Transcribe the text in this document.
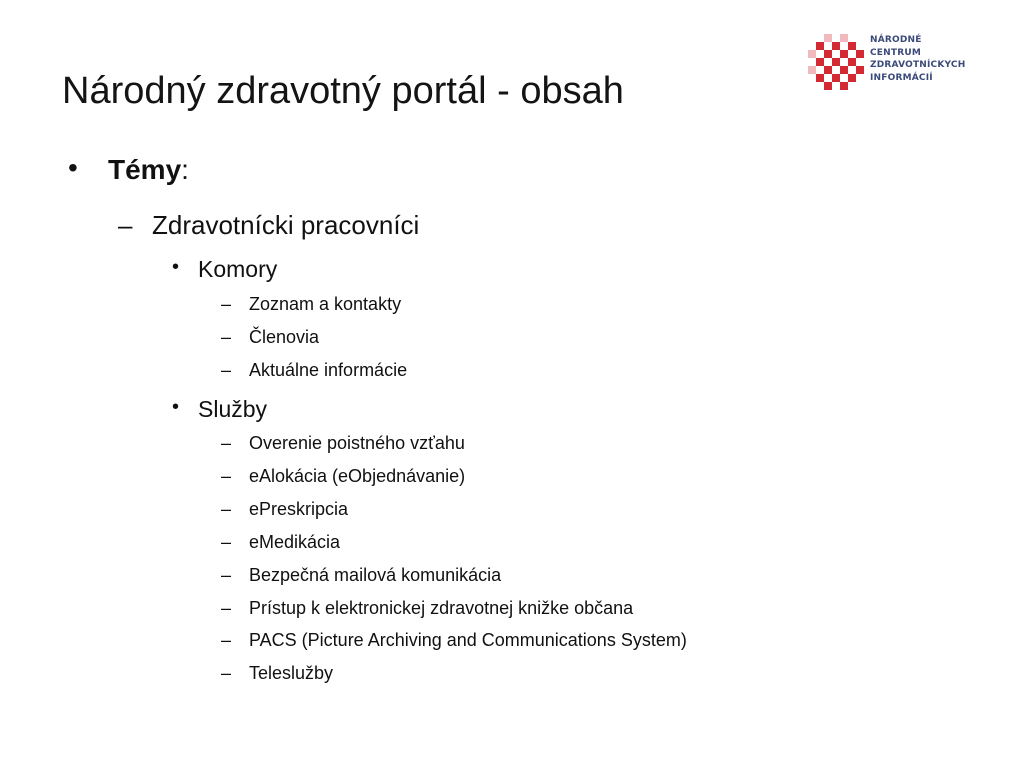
Národný zdravotný portál - obsah
NÁRODNÉ
CENTRUM
ZDRAVOTNÍCKYCH
INFORMÁCIÍ
• Témy:
– Zdravotnícki pracovníci
• Komory
– Zoznam a kontakty
– Členovia
– Aktuálne informácie
• Služby
– Overenie poistného vzťahu
– eAlokácia (eObjednávanie)
– ePreskripcia
– eMedikácia
– Bezpečná mailová komunikácia
– Prístup k elektronickej zdravotnej knižke občana
– PACS (Picture Archiving and Communications System)
– Teleslužby
